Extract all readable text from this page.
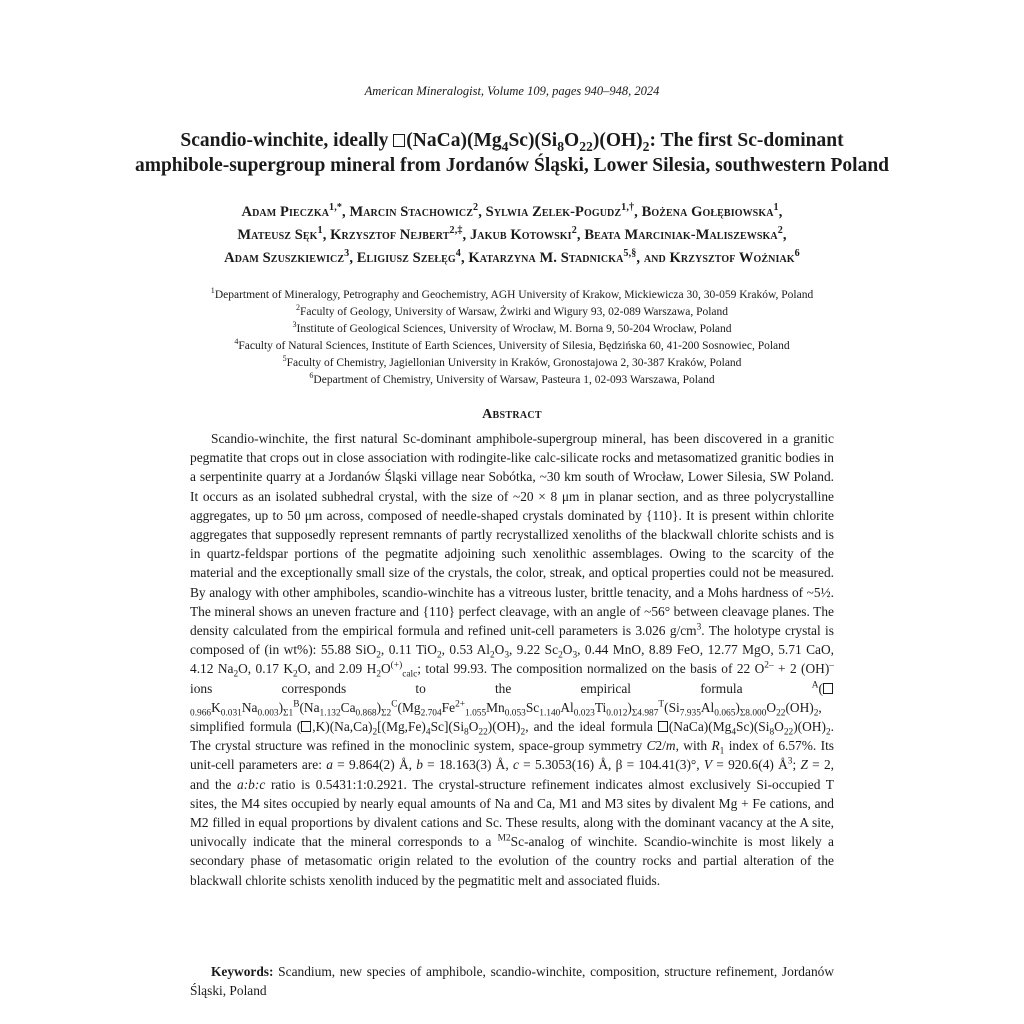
American Mineralogist, Volume 109, pages 940–948, 2024
Scandio-winchite, ideally $(NaCa)(Mg_4Sc)(Si_8O_{22})(OH)_2$: The first Sc-dominant
amphibole-supergroup mineral from Jordanów Śląski, Lower Silesia, southwestern Poland
Adam Pieczka$^{1,*}$, Marcin Stachowicz$^2$, Sylwia Zelek-Pogudz$^{1,\dagger}$, Bożena Gołębiowska$^1$,
Mateusz Sęk$^1$, Krzysztof Nejbert$^{2,\ddagger}$, Jakub Kotowski$^2$, Beata Marciniak-Maliszewska$^2$,
Adam Szuszkiewicz$^3$, Eligiusz Szełęg$^4$, Katarzyna M. Stadnicka$^{5,\S}$, and Krzysztof Woźniak$^6$
$^1$Department of Mineralogy, Petrography and Geochemistry, AGH University of Krakow, Mickiewicza 30, 30-059 Kraków, Poland
$^2$Faculty of Geology, University of Warsaw, Żwirki and Wigury 93, 02-089 Warszawa, Poland
$^3$Institute of Geological Sciences, University of Wrocław, M. Borna 9, 50-204 Wrocław, Poland
$^4$Faculty of Natural Sciences, Institute of Earth Sciences, University of Silesia, Będzińska 60, 41-200 Sosnowiec, Poland
$^5$Faculty of Chemistry, Jagiellonian University in Kraków, Gronostajowa 2, 30-387 Kraków, Poland
$^6$Department of Chemistry, University of Warsaw, Pasteura 1, 02-093 Warszawa, Poland
Abstract

Scandio-winchite, the first natural Sc-dominant amphibole-supergroup mineral, has been discovered in a granitic pegmatite that crops out in close association with rodingite-like calc-silicate rocks and metasomatized granitic bodies in a serpentinite quarry at a Jordanów Śląski village near Sobótka, ~30 km south of Wrocław, Lower Silesia, SW Poland. It occurs as an isolated subhedral crystal, with the size of ~20 × 8 μm in planar section, and as three polycrystalline aggregates, up to 50 μm across, composed of needle-shaped crystals dominated by {110}. It is present within chlorite aggregates that supposedly represent remnants of partly recrystallized xenoliths of the blackwall chlorite schists and is in quartz-feldspar portions of the pegmatite adjoining such xenolithic assemblages. Owing to the scarcity of the material and the exceptionally small size of the crystals, the color, streak, and optical properties could not be measured. By analogy with other amphiboles, scandio-winchite has a vitreous luster, brittle tenacity, and a Mohs hardness of ~5½. The mineral shows an uneven fracture and {110} perfect cleavage, with an angle of ~56° between cleavage planes. The density calculated from the empirical formula and refined unit-cell parameters is 3.026 $g/cm^3$. The holotype crystal is composed of (in wt%): 55.88 SiO$_2$, 0.11 TiO$_2$, 0.53 $Al_2O_3$, 9.22 $Sc_2O_3$, 0.44 MnO, 8.89 FeO, 12.77 MgO, 5.71 CaO, 4.12 $Na_2O$, 0.17 $K_2O$, and 2.09 $H_2O^{(+)}_{calc}$; total 99.93. The composition normalized on the basis of 22 $O^{2-} + 2$ (OH)– ions corresponds to the empirical formula $^A(_{0.966}K_{0.031}Na_{0.003})_{\Sigma 1}^B(Na_{1.132}Ca_{0.868})_{\Sigma 2}^C(Mg_{2.704}Fe^{2+}_{1.055}Mn_{0.053}Sc_{1.140}Al_{0.023}Ti_{0.012})_{\Sigma 4.987}^T(Si_{7.935}Al_{0.065})_{\Sigma 8.000}O_{22}(OH)_2$, simplified formula ( $,K)(Na,Ca)_2[(Mg,Fe)_4Sc](Si_8O_{22})(OH)_2$, and the ideal formula $(NaCa)(Mg_4Sc)(Si_8O_{22})(OH)_2$. The crystal structure was refined in the monoclinic system, space-group symmetry C2/m, with $R_1$ index of 6.57%. Its unit-cell parameters are: a = 9.864(2) Å, b = 18.163(3) Å, c = 5.3053(16) Å, β = 104.41(3)°, V = 920.6(4) $Å^3$; Z = 2, and the a:b:c ratio is 0.5431:1:0.2921. The crystal-structure refinement indicates almost exclusively Si-occupied T sites, the M4 sites occupied by nearly equal amounts of Na and Ca, M1 and M3 sites by divalent Mg + Fe cations, and M2 filled in equal proportions by divalent cations and Sc. These results, along with the dominant vacancy at the A site, univocally indicate that the mineral corresponds to a $^{M2}$Sc-analog of winchite. Scandio-winchite is most likely a secondary phase of metasomatic origin related to the evolution of the country rocks and partial alteration of the blackwall chlorite schists xenolith induced by the pegmatitic melt and associated fluids.

Keywords: Scandium, new species of amphibole, scandio-winchite, composition, structure refinement, Jordanów Śląski, Poland
